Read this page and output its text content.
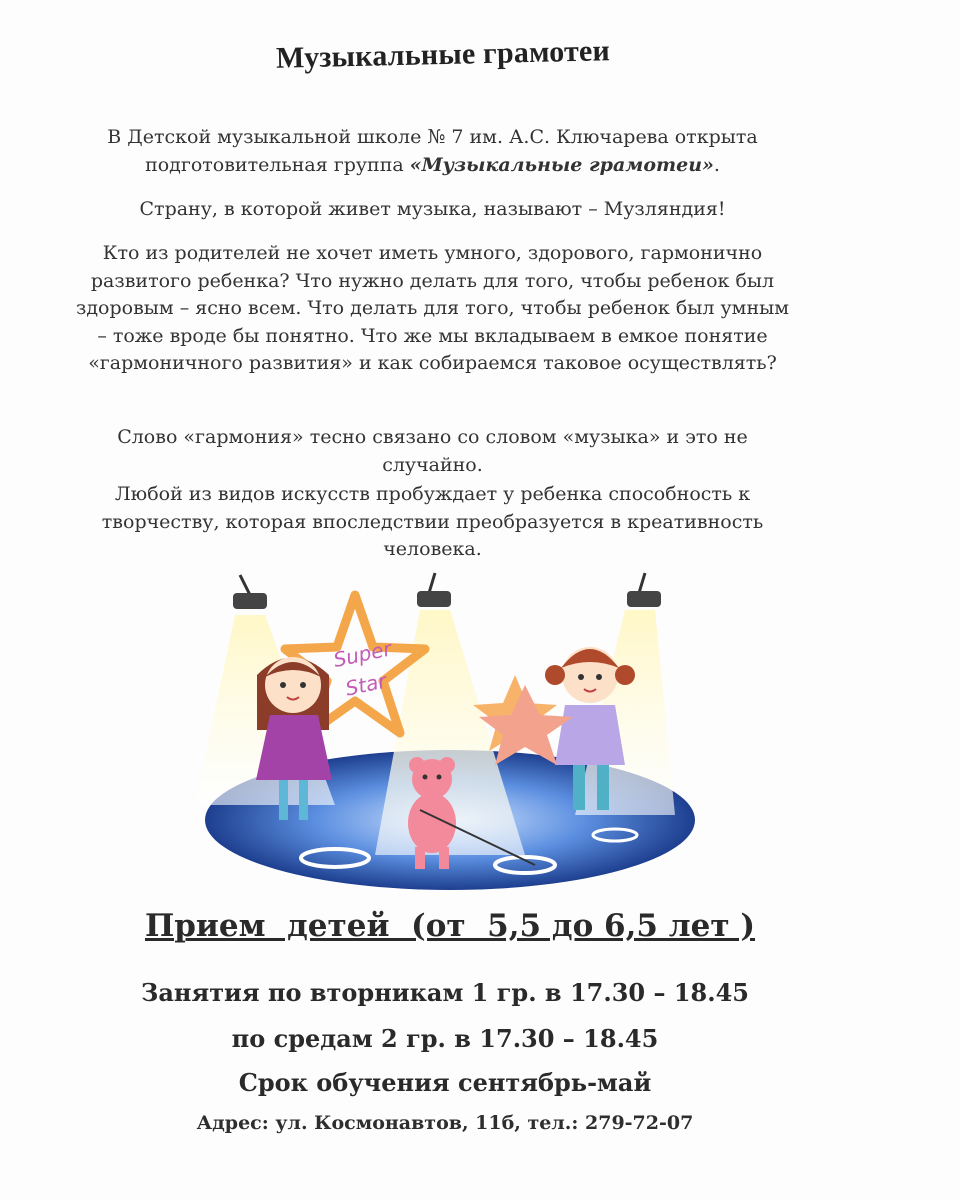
Музыкальные грамотеи
В Детской музыкальной школе № 7 им. А.С. Ключарева открыта
подготовительная группа «Музыкальные грамотеи».
Страну, в которой живет музыка, называют – Музляндия!
Кто из родителей не хочет иметь умного, здорового, гармонично развитого ребенка? Что нужно делать для того, чтобы ребенок был здоровым – ясно всем. Что делать для того, чтобы ребенок был умным – тоже вроде бы понятно. Что же мы вкладываем в емкое понятие «гармоничного развития» и как собираемся таковое осуществлять?
Слово «гармония» тесно связано со словом «музыка» и это не случайно.
Любой из видов искусств пробуждает у ребенка способность к творчеству, которая впоследствии преобразуется в креативность человека.
Super
Star
Прием  детей  (от  5,5 до 6,5 лет )
Занятия по вторникам 1 гр. в 17.30 – 18.45
по средам 2 гр. в 17.30 – 18.45
Срок обучения сентябрь-май
Адрес: ул. Космонавтов, 11б, тел.: 279-72-07
